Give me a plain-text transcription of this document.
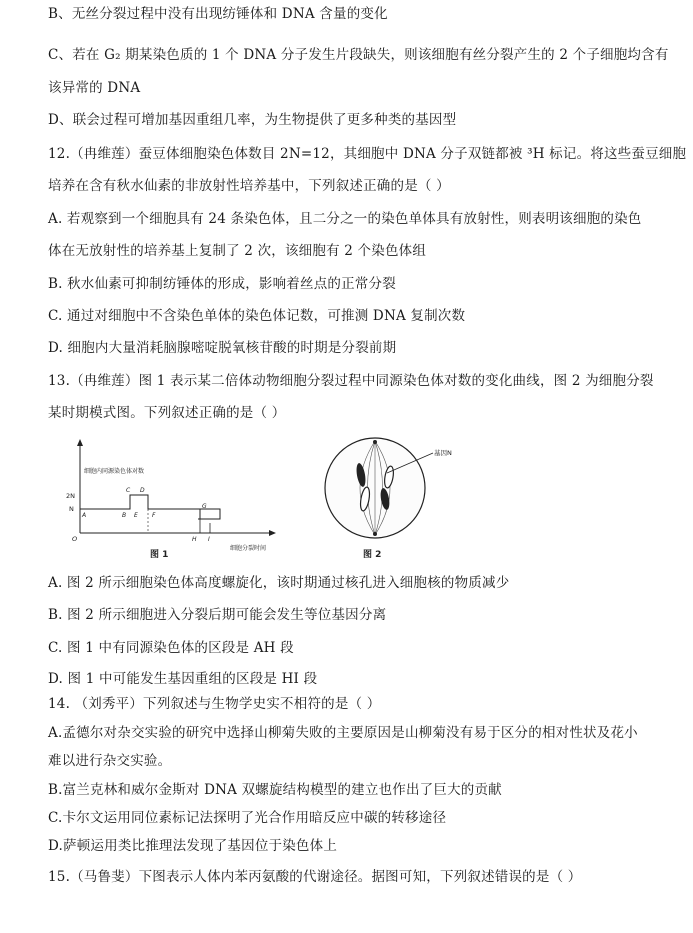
B、无丝分裂过程中没有出现纺锤体和 DNA 含量的变化
C、若在 G₂ 期某染色质的 1 个 DNA 分子发生片段缺失，则该细胞有丝分裂产生的 2 个子细胞均含有
该异常的 DNA
D、联会过程可增加基因重组几率，为生物提供了更多种类的基因型
12.（冉维莲）蚕豆体细胞染色体数目 2N=12，其细胞中 DNA 分子双链都被 ³H 标记。将这些蚕豆细胞
培养在含有秋水仙素的非放射性培养基中，下列叙述正确的是（ ）
A. 若观察到一个细胞具有 24 条染色体，且二分之一的染色单体具有放射性，则表明该细胞的染色
体在无放射性的培养基上复制了 2 次，该细胞有 2 个染色体组
B. 秋水仙素可抑制纺锤体的形成，影响着丝点的正常分裂
C. 通过对细胞中不含染色单体的染色体记数，可推测 DNA 复制次数
D. 细胞内大量消耗脑腺嘧啶脱氧核苷酸的时期是分裂前期
13.（冉维莲）图 1 表示某二倍体动物细胞分裂过程中同源染色体对数的变化曲线，图 2 为细胞分裂
某时期模式图。下列叙述正确的是（ ）
细胞内同源染色体对数
细胞分裂时间
2N
N
O
A	B
C D
E F
G
H I
图 1
基因N
图 2
A. 图 2 所示细胞染色体高度螺旋化，该时期通过核孔进入细胞核的物质减少
B. 图 2 所示细胞进入分裂后期可能会发生等位基因分离
C. 图 1 中有同源染色体的区段是 AH 段
D. 图 1 中可能发生基因重组的区段是 HI 段
14. （刘秀平）下列叙述与生物学史实不相符的是（ ）
A.孟德尔对杂交实验的研究中选择山柳菊失败的主要原因是山柳菊没有易于区分的相对性状及花小
难以进行杂交实验。
B.富兰克林和威尔金斯对 DNA 双螺旋结构模型的建立也作出了巨大的贡献
C.卡尔文运用同位素标记法探明了光合作用暗反应中碳的转移途径
D.萨顿运用类比推理法发现了基因位于染色体上
15.（马鲁斐）下图表示人体内苯丙氨酸的代谢途径。据图可知，下列叙述错误的是（ ）
